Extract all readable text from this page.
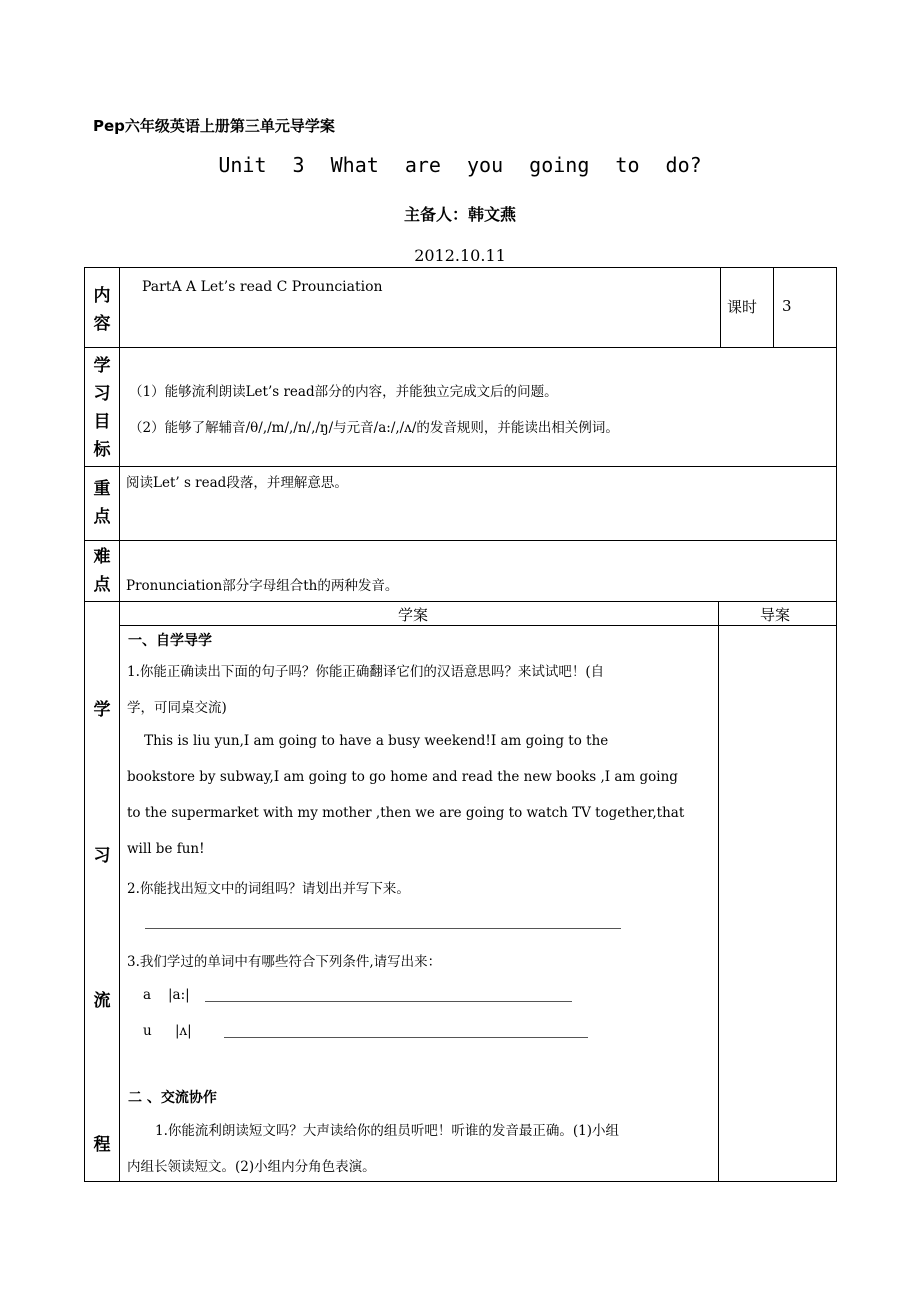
Pep六年级英语上册第三单元导学案
Unit 3 What are you going to do?
主备人：韩文燕
2012.10.11
内
容
PartA A Let’s read C Prounciation
课时 3
学
习
目
标
（1）能够流利朗读Let’s read部分的内容，并能独立完成文后的问题。
（2）能够了解辅音/θ/,/m/,/n/,/ŋ/与元音/a:/,/ʌ/的发音规则，并能读出相关例词。
重
点
阅读Let’ s read段落，并理解意思。
难
点	Pronunciation部分字母组合th的两种发音。
学
习
流
程
学案	导案
一、自学导学
1.你能正确读出下面的句子吗？你能正确翻译它们的汉语意思吗？来试试吧！(自
学，可同桌交流)
This is liu yun,I am going to have a busy weekend!I am going to the
bookstore by subway,I am going to go home and read the new books ,I am going
to the supermarket with my mother ,then we are going to watch TV together,that
will be fun!
2.你能找出短文中的词组吗？请划出并写下来。
3.我们学过的单词中有哪些符合下列条件,请写出来：
a |a:|
u |ʌ|
二 、交流协作
1.你能流利朗读短文吗？大声读给你的组员听吧！听谁的发音最正确。(1)小组
内组长领读短文。(2)小组内分角色表演。
